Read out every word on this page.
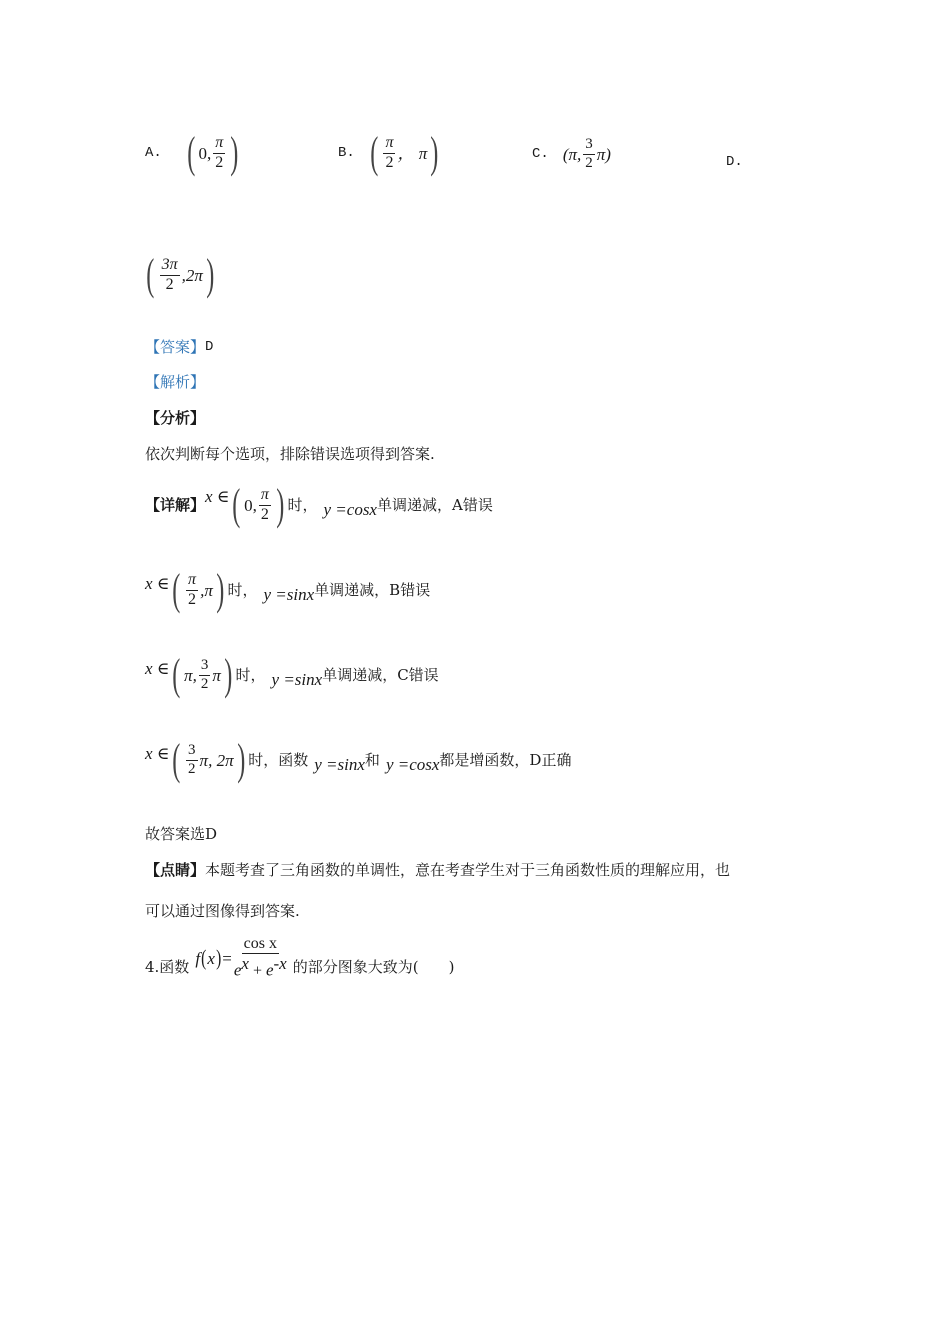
A. ( 0, $\frac{\pi}{2}$ )	B. ( $\frac{\pi}{2}$ ， π )	C. (π, $\frac{3}{2} \pi$)	D.
( $\frac{3\pi}{2} ,2\pi$ )
【答案】 D
【解析】
【分析】
依次判断每个选项，排除错误选项得到答案.
【详解】 x ∈ ( 0, $\frac{\pi}{2}$ ) 时， y =cosx 单调递减，A错误
x ∈ ( $\frac{\pi}{2} ,\pi$ ) 时， y =sinx 单调递减，B错误
x ∈ ( π, $\frac{3}{2}$ π ) 时， y =sinx 单调递减，C错误
x ∈ ( $\frac{3}{2} \pi$, 2π ) 时，函数 y =sinx 和 y =cosx 都是增函数，D正确
故答案选D
【点睛】 本题考查了三角函数的单调性，意在考查学生对于三角函数性质的理解应用，也
可以通过图像得到答案.
4.函数 f ( x ) = $\frac{\text{cos x}}{e^x + e^{-x}}$ 的部分图象大致为(　　)
